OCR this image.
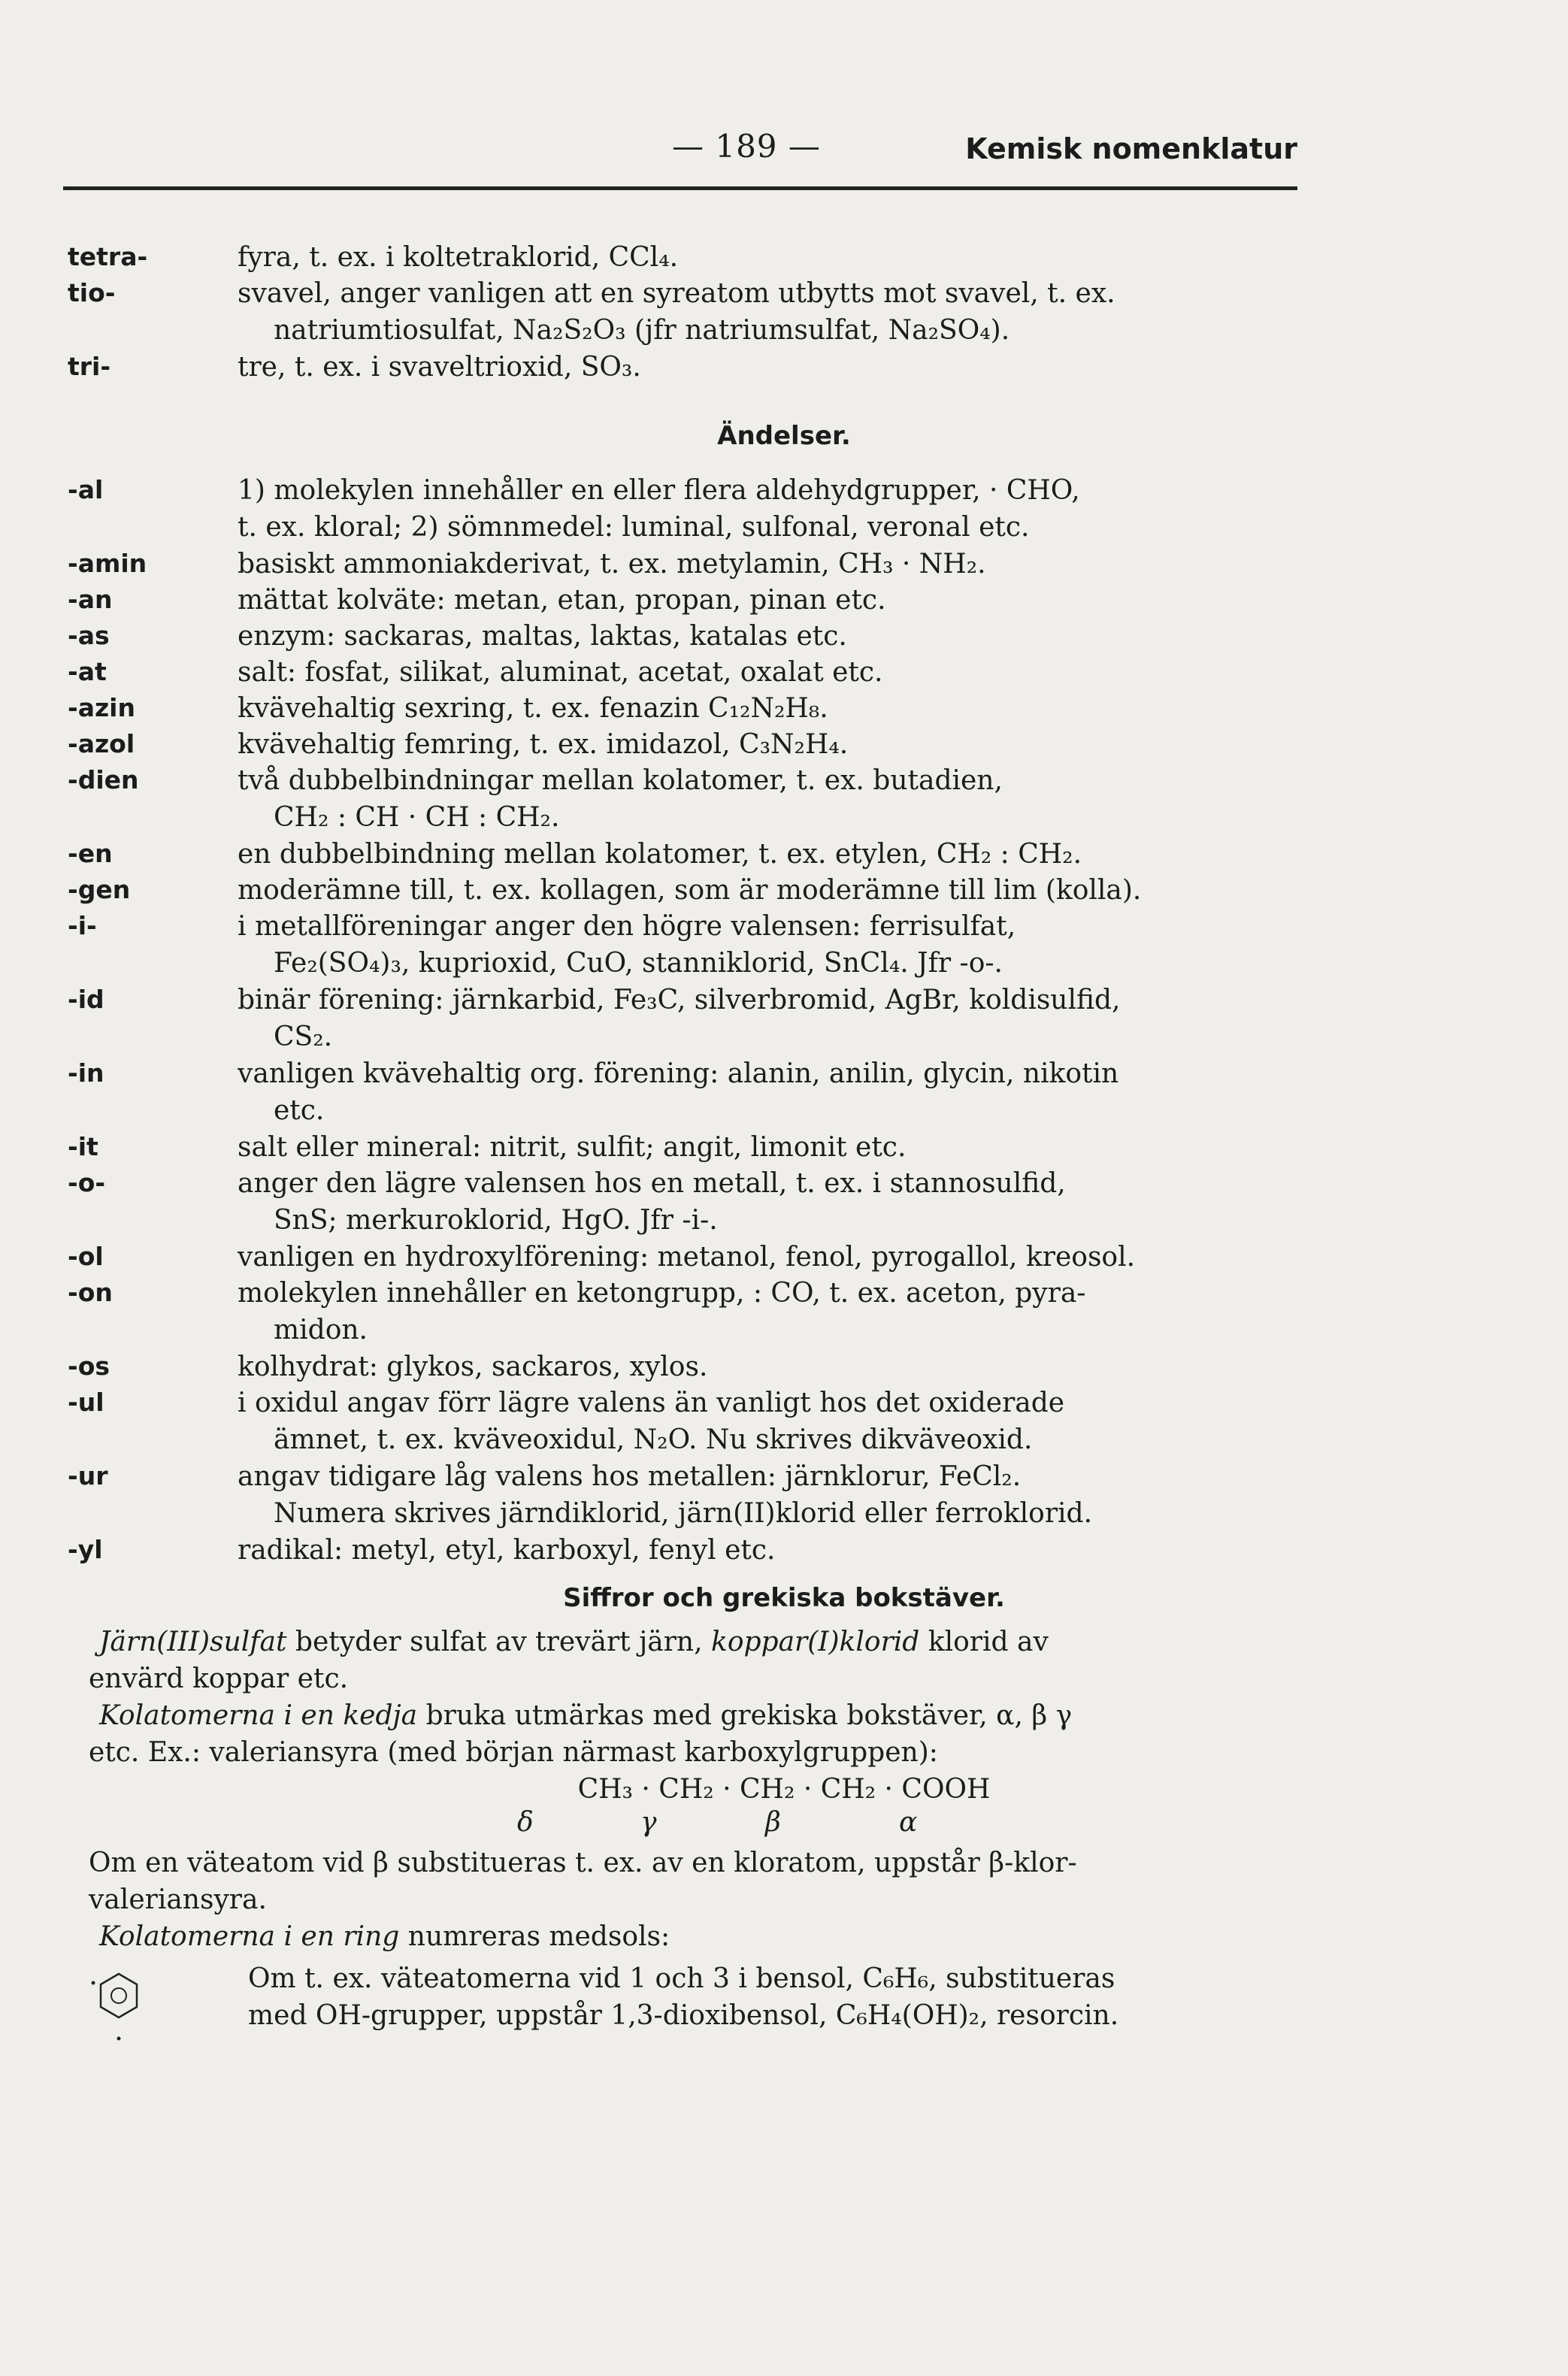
— 189 —	Kemisk nomenklatur
tetra-	fyra, t. ex. i koltetraklorid, CCl₄.
tio-	svavel, anger vanligen att en syreatom utbytts mot svavel, t. ex.
natriumtiosulfat, Na₂S₂O₃ (jfr natriumsulfat, Na₂SO₄).
tri-	tre, t. ex. i svaveltrioxid, SO₃.
Ändelser.
-al	1) molekylen innehåller en eller flera aldehydgrupper, · CHO,
t. ex. kloral; 2) sömnmedel: luminal, sulfonal, veronal etc.
-amin	basiskt ammoniakderivat, t. ex. metylamin, CH₃ · NH₂.
-an	mättat kolväte: metan, etan, propan, pinan etc.
-as	enzym: sackaras, maltas, laktas, katalas etc.
-at	salt: fosfat, silikat, aluminat, acetat, oxalat etc.
-azin	kvävehaltig sexring, t. ex. fenazin C₁₂N₂H₈.
-azol	kvävehaltig femring, t. ex. imidazol, C₃N₂H₄.
-dien	två dubbelbindningar mellan kolatomer, t. ex. butadien,
CH₂ : CH · CH : CH₂.
-en	en dubbelbindning mellan kolatomer, t. ex. etylen, CH₂ : CH₂.
-gen	moderämne till, t. ex. kollagen, som är moderämne till lim (kolla).
-i-	i metallföreningar anger den högre valensen: ferrisulfat,
Fe₂(SO₄)₃, kuprioxid, CuO, stanniklorid, SnCl₄. Jfr -o-.
-id	binär förening: järnkarbid, Fe₃C, silverbromid, AgBr, koldisulfid,
CS₂.
-in	vanligen kvävehaltig org. förening: alanin, anilin, glycin, nikotin
etc.
-it	salt eller mineral: nitrit, sulfit; angit, limonit etc.
-o-	anger den lägre valensen hos en metall, t. ex. i stannosulfid,
SnS; merkuroklorid, HgO. Jfr -i-.
-ol	vanligen en hydroxylförening: metanol, fenol, pyrogallol, kreosol.
-on	molekylen innehåller en ketongrupp, : CO, t. ex. aceton, pyra-
midon.
-os	kolhydrat: glykos, sackaros, xylos.
-ul	i oxidul angav förr lägre valens än vanligt hos det oxiderade
ämnet, t. ex. kväveoxidul, N₂O. Nu skrives dikväveoxid.
-ur	angav tidigare låg valens hos metallen: järnklorur, FeCl₂.
Numera skrives järndiklorid, järn(II)klorid eller ferroklorid.
-yl	radikal: metyl, etyl, karboxyl, fenyl etc.
Siffror och grekiska bokstäver.
Järn(III)sulfat betyder sulfat av trevärt järn, koppar(I)klorid klorid av
envärd koppar etc.
Kolatomerna i en kedja bruka utmärkas med grekiska bokstäver, α, β γ
etc. Ex.: valeriansyra (med början närmast karboxylgruppen):
CH₃ · CH₂ · CH₂ · CH₂ · COOH
δ	γ	β	α
Om en väteatom vid β substitueras t. ex. av en kloratom, uppstår β-klor-
valeriansyra.
Kolatomerna i en ring numreras medsols:
Om t. ex. väteatomerna vid 1 och 3 i bensol, C₆H₆, substitueras
med OH-grupper, uppstår 1,3-dioxibensol, C₆H₄(OH)₂, resorcin.
